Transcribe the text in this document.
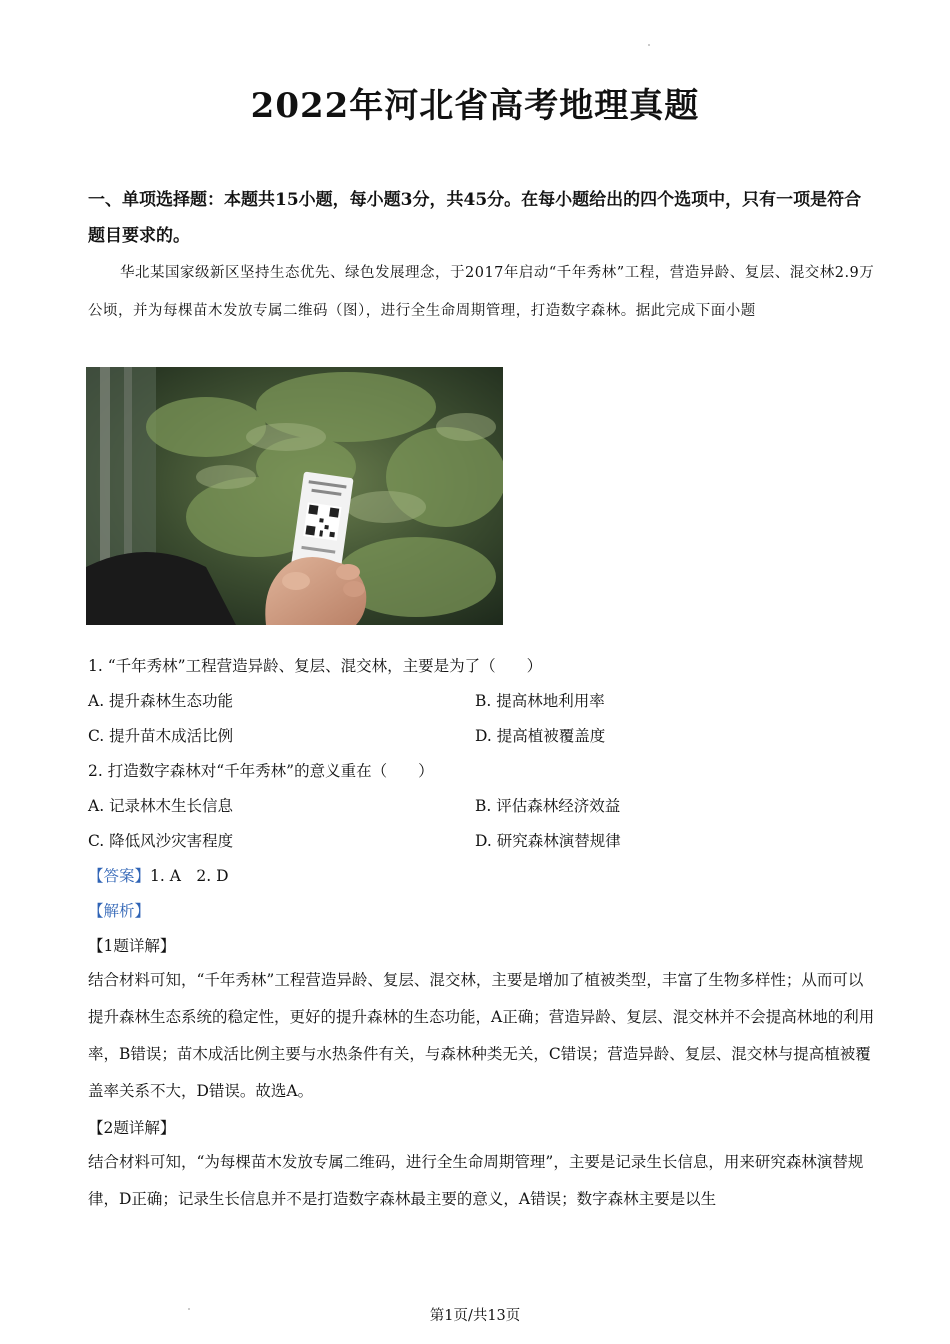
2022年河北省高考地理真题
一、单项选择题：本题共15小题，每小题3分，共45分。在每小题给出的四个选项中，只有一项是符合题目要求的。
华北某国家级新区坚持生态优先、绿色发展理念，于2017年启动“千年秀林”工程，营造异龄、复层、混交林2.9万公顷，并为每棵苗木发放专属二维码（图），进行全生命周期管理，打造数字森林。据此完成下面小题
1. “千年秀林”工程营造异龄、复层、混交林，主要是为了（　　）
A. 提升森林生态功能	B. 提高林地利用率
C. 提升苗木成活比例	D. 提高植被覆盖度
2. 打造数字森林对“千年秀林”的意义重在（　　）
A. 记录林木生长信息	B. 评估森林经济效益
C. 降低风沙灾害程度	D. 研究森林演替规律
【答案】1. A　2. D
【解析】
【1题详解】
结合材料可知，“千年秀林”工程营造异龄、复层、混交林，主要是增加了植被类型，丰富了生物多样性；从而可以提升森林生态系统的稳定性，更好的提升森林的生态功能，A正确；营造异龄、复层、混交林并不会提高林地的利用率，B错误；苗木成活比例主要与水热条件有关，与森林种类无关，C错误；营造异龄、复层、混交林与提高植被覆盖率关系不大，D错误。故选A。
【2题详解】
结合材料可知，“为每棵苗木发放专属二维码，进行全生命周期管理”，主要是记录生长信息，用来研究森林演替规律，D正确；记录生长信息并不是打造数字森林最主要的意义，A错误；数字森林主要是以生
第1页/共13页
